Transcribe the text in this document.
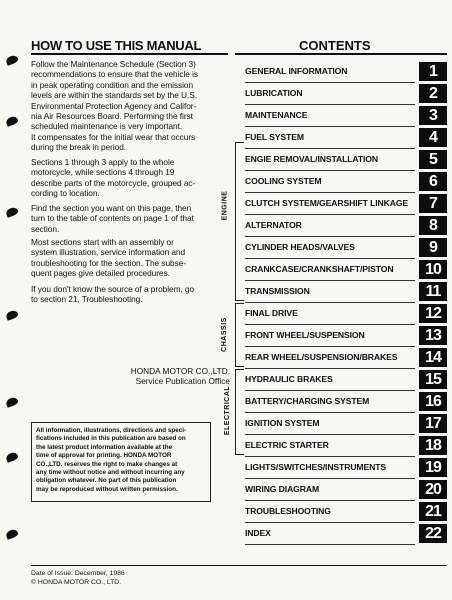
HOW TO USE THIS MANUAL
Follow the Maintenance Schedule (Section 3)
recommendations to ensure that the vehicle is
in peak operating condition and the emission
levels are within the standards set by the U.S.
Environmental Protection Agency and Califor-
nia Air Resources Board. Performing the first
scheduled maintenance is very important.
It compensates for the initial wear that occurs
during the break in period.
Sections 1 through 3 apply to the whole
motorcycle, while sections 4 through 19
describe parts of the motorcycle, grouped ac-
cording to location.
Find the section you want on this page, then
turn to the table of contents on page 1 of that
section.
Most sections start with an assembly or
system illustration, service information and
troubleshooting for the section. The subse-
quent pages give detailed procedures.
If you don't know the source of a problem, go
to section 21, Troubleshooting.
All information, illustrations, directions and speci-
fications included in this publication are based on
the latest product information available at the
time of approval for printing. HONDA MOTOR
CO.,LTD. reserves the right to make changes at
any time without notice and without incurring any
obligation whatever. No part of this publication
may be reproduced without written permission.
HONDA MOTOR CO.,LTD.
Service Publication Office
CONTENTS
GENERAL INFORMATION	1
LUBRICATION	2
MAINTENANCE	3
FUEL SYSTEM	4
ENGIE REMOVAL/INSTALLATION	5
COOLING SYSTEM	6
CLUTCH SYSTEM/GEARSHIFT LINKAGE	7
ALTERNATOR	8
CYLINDER HEADS/VALVES	9
CRANKCASE/CRANKSHAFT/PISTON	10
TRANSMISSION	11
FINAL DRIVE	12
FRONT WHEEL/SUSPENSION	13
REAR WHEEL/SUSPENSION/BRAKES	14
HYDRAULIC BRAKES	15
BATTERY/CHARGING SYSTEM	16
IGNITION SYSTEM	17
ELECTRIC STARTER	18
LIGHTS/SWITCHES/INSTRUMENTS	19
WIRING DIAGRAM	20
TROUBLESHOOTING	21
INDEX	22
ENGINE
CHASSIS
ELECTRICAL
Date of Issue: December, 1986
© HONDA MOTOR CO., LTD.
